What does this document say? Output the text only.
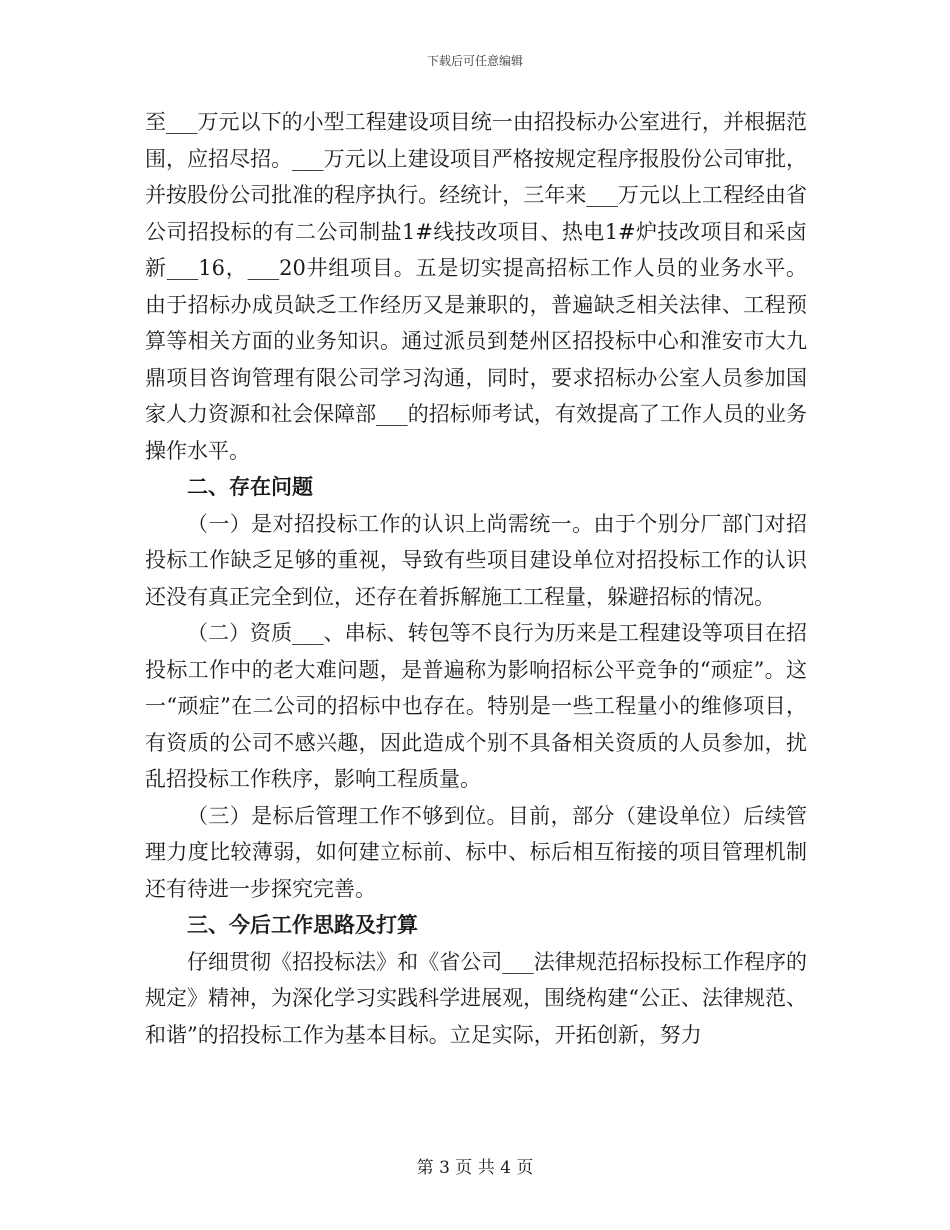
下载后可任意编辑

至___万元以下的小型工程建设项目统一由招投标办公室进行，并根据范围，应招尽招。___万元以上建设项目严格按规定程序报股份公司审批，并按股份公司批准的程序执行。经统计，三年来___万元以上工程经由省公司招投标的有二公司制盐1#线技改项目、热电1#炉技改项目和采卤新___16，___20井组项目。五是切实提高招标工作人员的业务水平。由于招标办成员缺乏工作经历又是兼职的，普遍缺乏相关法律、工程预算等相关方面的业务知识。通过派员到楚州区招投标中心和淮安市大九鼎项目咨询管理有限公司学习沟通，同时，要求招标办公室人员参加国家人力资源和社会保障部___的招标师考试，有效提高了工作人员的业务操作水平。

二、存在问题

（一）是对招投标工作的认识上尚需统一。由于个别分厂部门对招投标工作缺乏足够的重视，导致有些项目建设单位对招投标工作的认识还没有真正完全到位，还存在着拆解施工工程量，躲避招标的情况。

（二）资质___、串标、转包等不良行为历来是工程建设等项目在招投标工作中的老大难问题，是普遍称为影响招标公平竞争的“顽症”。这一“顽症”在二公司的招标中也存在。特别是一些工程量小的维修项目，有资质的公司不感兴趣，因此造成个别不具备相关资质的人员参加，扰乱招投标工作秩序，影响工程质量。

（三）是标后管理工作不够到位。目前，部分（建设单位）后续管理力度比较薄弱，如何建立标前、标中、标后相互衔接的项目管理机制还有待进一步探究完善。

三、今后工作思路及打算

仔细贯彻《招投标法》和《省公司___法律规范招标投标工作程序的规定》精神，为深化学习实践科学进展观，围绕构建“公正、法律规范、和谐”的招投标工作为基本目标。立足实际，开拓创新，努力

第 3 页 共 4 页
